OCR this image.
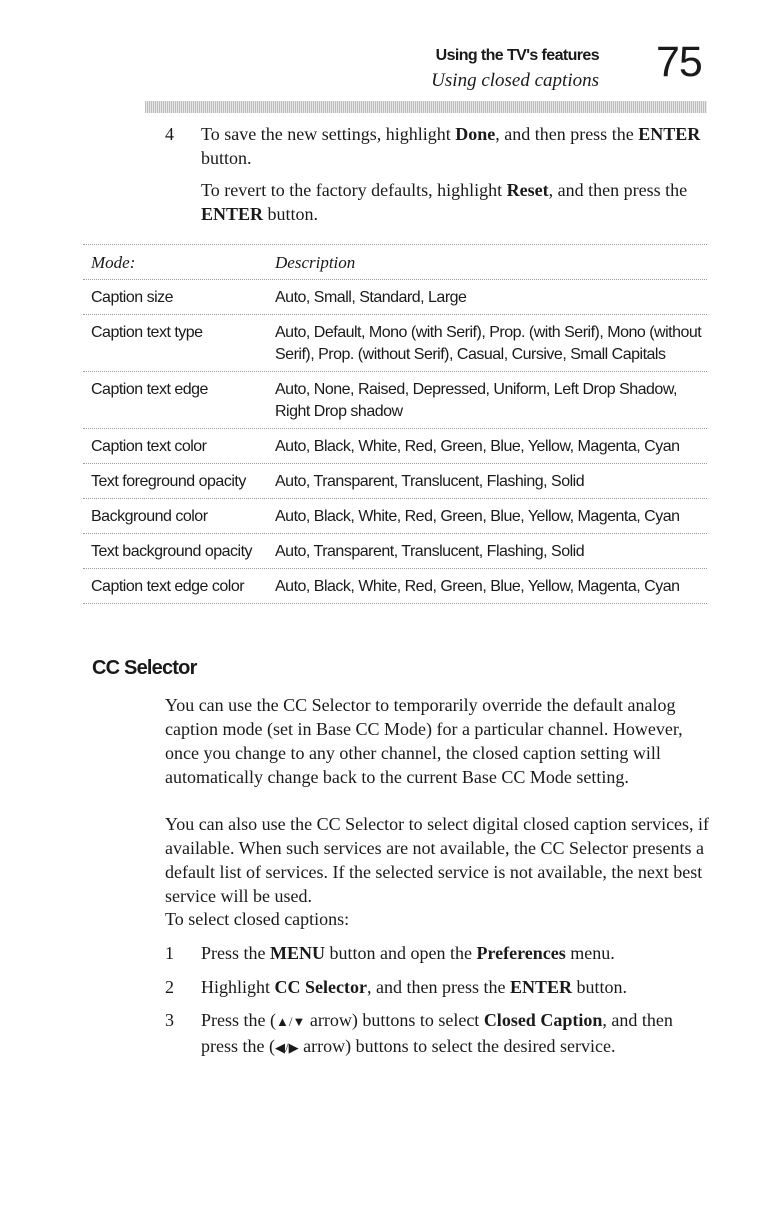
Using the TV's features
Using closed captions 75
4	To save the new settings, highlight Done, and then press the ENTER button.
To revert to the factory defaults, highlight Reset, and then press the ENTER button.
Mode:	Description
Caption size	Auto, Small, Standard, Large
Caption text type	Auto, Default, Mono (with Serif), Prop. (with Serif), Mono (without Serif), Prop. (without Serif), Casual, Cursive, Small Capitals
Caption text edge	Auto, None, Raised, Depressed, Uniform, Left Drop Shadow, Right Drop shadow
Caption text color	Auto, Black, White, Red, Green, Blue, Yellow, Magenta, Cyan
Text foreground opacity	Auto, Transparent, Translucent, Flashing, Solid
Background color	Auto, Black, White, Red, Green, Blue, Yellow, Magenta, Cyan
Text background opacity	Auto, Transparent, Translucent, Flashing, Solid
Caption text edge color	Auto, Black, White, Red, Green, Blue, Yellow, Magenta, Cyan
CC Selector
You can use the CC Selector to temporarily override the default analog caption mode (set in Base CC Mode) for a particular channel. However, once you change to any other channel, the closed caption setting will automatically change back to the current Base CC Mode setting.
You can also use the CC Selector to select digital closed caption services, if available. When such services are not available, the CC Selector presents a default list of services. If the selected service is not available, the next best service will be used.
To select closed captions:
1	Press the MENU button and open the Preferences menu.
2	Highlight CC Selector, and then press the ENTER button.
3	Press the (▲/▼ arrow) buttons to select Closed Caption, and then press the (◀/▶ arrow) buttons to select the desired service.
